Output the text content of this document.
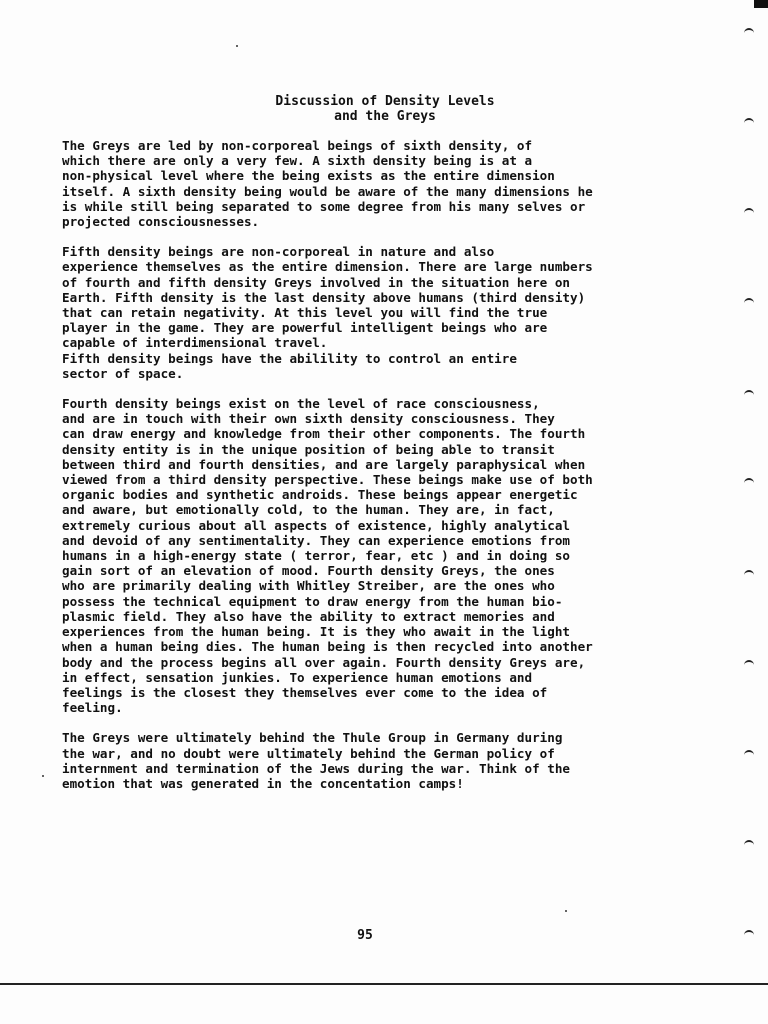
Discussion of Density Levels
and the Greys

The Greys are led by non-corporeal beings of sixth density, of
which there are only a very few. A sixth density being is at a
non-physical level where the being exists as the entire dimension
itself. A sixth density being would be aware of the many dimensions he
is while still being separated to some degree from his many selves or
projected consciousnesses.

Fifth density beings are non-corporeal in nature and also
experience themselves as the entire dimension. There are large numbers
of fourth and fifth density Greys involved in the situation here on
Earth. Fifth density is the last density above humans (third density)
that can retain negativity. At this level you will find the true
player in the game. They are powerful intelligent beings who are
capable of interdimensional travel.

Fifth density beings have the abilility to control an entire
sector of space.

Fourth density beings exist on the level of race consciousness,
and are in touch with their own sixth density consciousness. They
can draw energy and knowledge from their other components. The fourth
density entity is in the unique position of being able to transit
between third and fourth densities, and are largely paraphysical when
viewed from a third density perspective. These beings make use of both
organic bodies and synthetic androids. These beings appear energetic
and aware, but emotionally cold, to the human. They are, in fact,
extremely curious about all aspects of existence, highly analytical
and devoid of any sentimentality. They can experience emotions from
humans in a high-energy state ( terror, fear, etc ) and in doing so
gain sort of an elevation of mood. Fourth density Greys, the ones
who are primarily dealing with Whitley Streiber, are the ones who
possess the technical equipment to draw energy from the human bio-
plasmic field. They also have the ability to extract memories and
experiences from the human being. It is they who await in the light
when a human being dies. The human being is then recycled into another
body and the process begins all over again. Fourth density Greys are,
in effect, sensation junkies. To experience human emotions and
feelings is the closest they themselves ever come to the idea of
feeling.

The Greys were ultimately behind the Thule Group in Germany during
the war, and no doubt were ultimately behind the German policy of
internment and termination of the Jews during the war. Think of the
emotion that was generated in the concentation camps!

95
